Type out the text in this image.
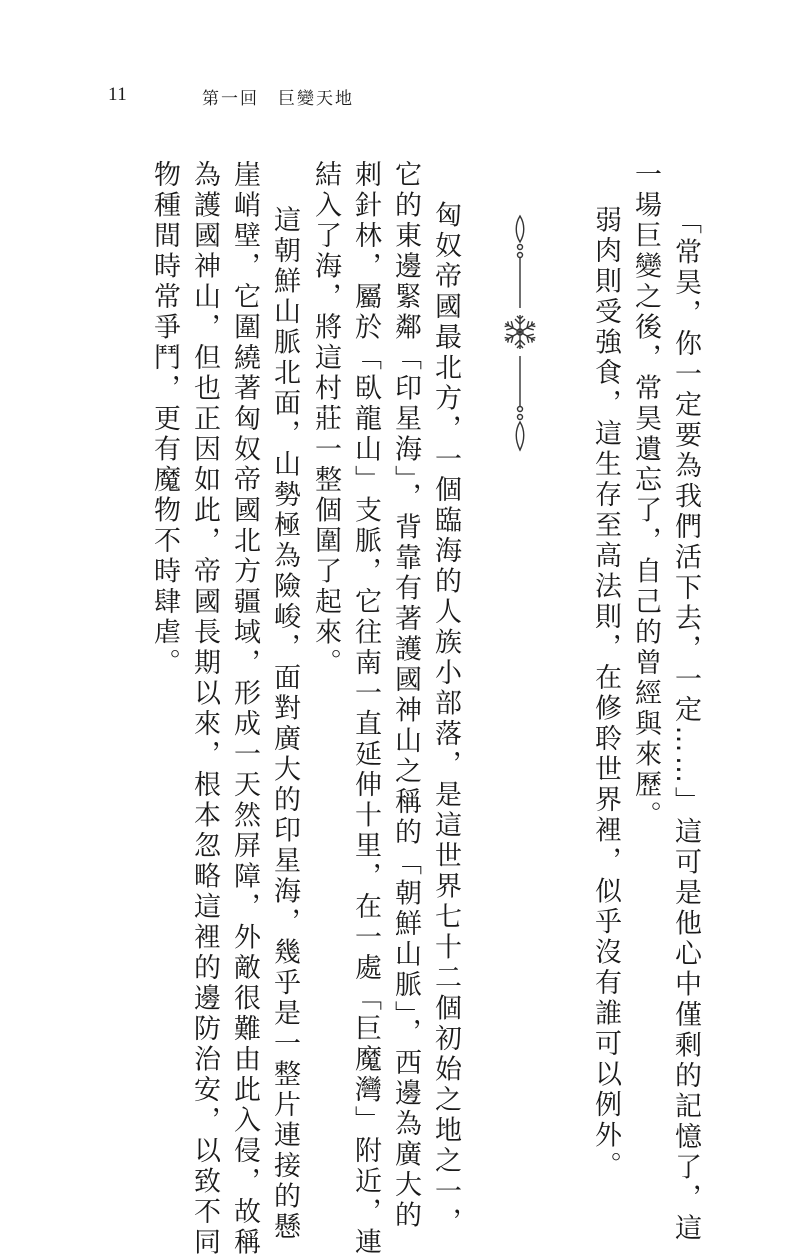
11	第一回　巨變天地
「常昊，你一定要為我們活下去，一定……」這可是他心中僅剩的記憶了，這
一場巨變之後，常昊遺忘了，自己的曾經與來歷。
　弱肉則受強食，這生存至高法則，在修聆世界裡，似乎沒有誰可以例外。
　匈奴帝國最北方，一個臨海的人族小部落，是這世界七十二個初始之地之一，
它的東邊緊鄰「印星海」，背靠有著護國神山之稱的「朝鮮山脈」，西邊為廣大的
刺針林，屬於「臥龍山」支脈，它往南一直延伸十里，在一處「巨魔灣」附近，連
結入了海，將這村莊一整個圍了起來。
　這朝鮮山脈北面，山勢極為險峻，面對廣大的印星海，幾乎是一整片連接的懸
崖峭壁，它圍繞著匈奴帝國北方疆域，形成一天然屏障，外敵很難由此入侵，故稱
為護國神山，但也正因如此，帝國長期以來，根本忽略這裡的邊防治安，以致不同
物種間時常爭鬥，更有魔物不時肆虐。
